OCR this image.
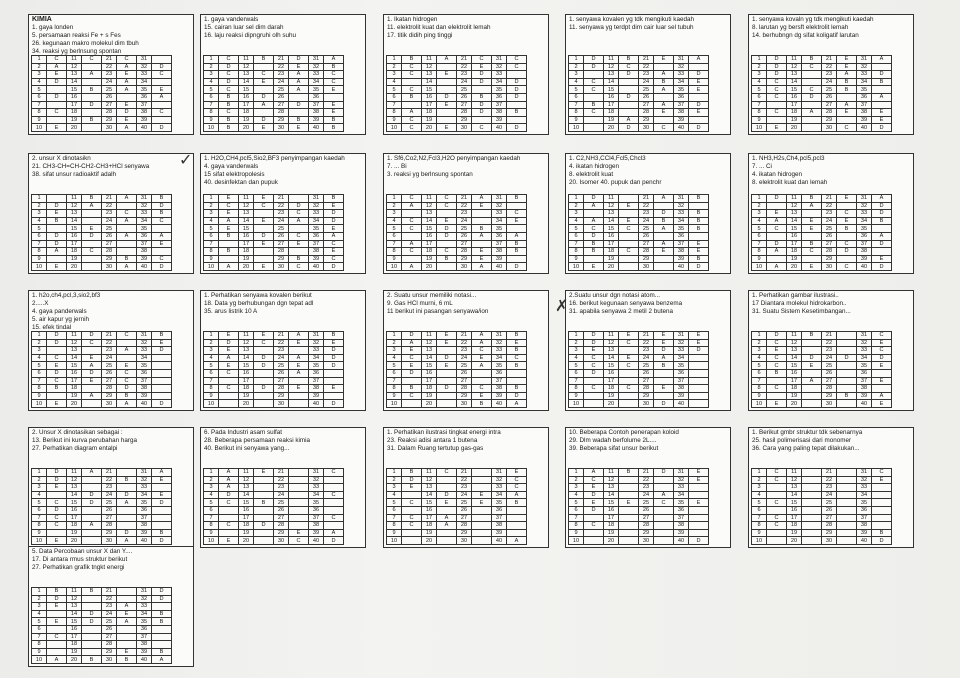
KIMIA
1. gaya londen
5. persamaan reaksi Fe + s Fes
26. kegunaan makro molekul dim tbuh
34. reaksi yg berlnsung spontan
1	C	11	C	21	C	31	
2	A	12		22	A	32	D
3	E	13	A	23	E	33	C
4	D	14		24	A	34	
5		15	B	25	A	35	E
6	D	16		26		36	A
7		17	D	27	E	37	
8	C	18		28	D	38	C
9		19	B	29	E	39	
10	E	20		30	A	40	D
1. gaya vanderwals
15. cairan luar sel dim darah
16. laju reaksi dipngruhi olh suhu
1	C	11	B	21	D	31	A
2	D	12		22	E	32	B
3	C	13	C	23	A	33	C
4	D	14	E	24	A	34	C
5	C	15		25	A	35	E
6	B	16	D	26		36	
7	B	17	A	27	D	37	E
8	C	18		28		38	E
9	B	19	D	29	B	39	B
10	B	20	E	30	E	40	B
1. Ikatan hidrogen
11. elektrolit kuat dan elektrolit lemah
17. titik didih ping tinggi
1	B	11	A	21	C	31	C
2	C	12		22	E	32	C
3	C	13	E	23	D	33	
4		14		24	D	34	D
5	C	15		25		35	D
6	B	16	D	26	B	36	D
7		17	E	27	D	37	
8	A	18		28	D	38	B
9	C	19		29		39	
10	C	20	E	30	C	40	D
1. senyawa kovalen yg tdk mengikuti kaedah
11. senyawa yg terdpt dim cair luar sel tubuh
1	D	11	B	21	E	31	A
2	D	12	C	22		32	
3		13	D	23	A	33	D
4	C	14		24	B	34	E
5	C	15		25	A	35	E
6		16	D	26		36	
7	B	17		27	A	37	D
8	C	18		28	E	38	E
9		19	A	29		39	
10		20	D	30	C	40	D
1. senyawa kovaln yg tdk mengikuti kaedah
8. larutan yg bersft elektrolit lemah
14. berhubngn dg sifat koligatif larutan
1	D	11	B	21	E	31	A
2	D	12	C	22	E	32	
3	D	13		23	A	33	D
4	C	14		24	B	34	B
5	C	15	C	25	B	35	
6	C	16	D	26		36	A
7		17		27	A	37	
8	C	18	A	28	E	38	E
9		19		29		39	E
10	E	20		30	C	40	D
2. unsur X dinotasikn
21. CH3-CH=CH-CH2-CH3+HCl senyawa
38. sifat unsur radioaktif adalh
1		11	B	21	A	31	B
2	D	12	A	22		32	D
3	E	13		23	C	33	B
4	B	14		24	A	34	C
5		15	E	25		35	
6	D	16	D	26	A	36	A
7	D	17		27		37	E
8	A	18	C	28		38	
9		19		29	B	39	C
10	E	20		30	A	40	D
1. H2O,CH4,pcl5,Sio2,BF3 penyimpangan kaedah
4. gaya vanderwals
15 sifat elektropolesis
40. desinfektan dan pupuk
1	E	11	E	21		31	B
2	C	12	C	22	D	32	E
3	E	13		23	C	33	D
4	A	14	E	24	A	34	D
5	E	15		25		35	E
6	B	16	D	26	C	36	A
7		17	E	27	E	37	C
8	B	18		28		38	E
9		19		29	B	39	C
10	A	20	E	30	C	40	D
1. Sf6,Co2,N2,Fcl3,H2O penyimpangan kaedah
7. ... Bi
3. reaksi yg berlnsung spontan
1	C	11	C	21	A	31	B
2	A	12	C	22	E	32	
3		13		23		33	C
4	C	14	E	24		34	E
5	C	15	D	25	B	35	
6		16	D	26	A	36	A
7	A	17		27		37	B
8	C	18	C	28	E	38	B
9		19	B	29	E	39	
10	A	20		30	A	40	D
1. C2,NH3,CCl4,Fcl5,Chcl3
4. ikatan hidrogen
8. elektrolit kuat
20. Isomer 40. pupuk dan penchr
1	D	11		21	A	31	B
2	A	12	E	22		32	
3		13		23	D	33	B
4	A	14	E	24	B	34	B
5	C	15	C	25	A	35	B
6	D	16		26		36	
7	B	17		27	A	37	E
8	B	18	C	28	E	38	E
9		19		29		39	B
10	E	20		30		40	D
1. NH3,H2s,Ch4,pcl5,pcl3
7. ... Ci
4. ikatan hidrogen
8. elektrolit kuat dan lemah
1	D	11	B	21	E	31	A
2		12	A	22		32	D
3	E	13		23	C	33	D
4	A	14	E	24	E	34	B
5	C	15	E	25	B	35	
6		16		26		36	A
7	D	17	B	27	C	37	D
8	A	18	C	28	D	38	
9		19		29		39	E
10	A	20	E	30	C	40	D
1. h2o,ch4,pcl,3,sio2,bf3
2.....X
4. gaya panderwals
5. air kapur yg jernih
15. efek tindal
1	D	11	D	21	C	31	B
2	D	12	C	22		32	E
3		13		23	A	33	D
4	C	14	E	24		34	
5	E	15	A	25	E	35	
6	D	16	D	26	C	36	
7	C	17	E	27	C	37	
8	B	18		28	D	38	
9		19	A	29	B	39	
10	E	20		30	A	40	D
1. Perhatikan senyawa kovalen berikut
18. Data yg berhubungan dgn tepat adl
35. arus listrik 10 A
1	E	11	E	21	A	31	B
2	D	12	C	22	E	32	E
3	E	13		23		33	D
4	A	14	D	24	A	34	D
5	E	15	D	25	E	35	D
6	C	16		26	A	36	
7		17		27		37	
8	C	18	D	28	E	38	E
9		19		29		39	
10		20		30		40	D
2. Suatu unsur memiliki notasi...
9. Gas HCl murni, 6 mL
11 berikut ini pasangan senyawa/ion
1	D	11	E	21	A	31	B
2	A	12	E	22	A	32	E
3	E	13		23	C	33	B
4	C	14	D	24	E	34	C
5	E	15	E	25	A	35	B
6	D	16		26		36	
7		17		27		37	
8	B	18	D	28	C	38	B
9	C	19		29	E	39	D
10		20		30	B	40	A
2.Suatu unsur dgn notasi atom...
16. berikut kegunaan senyawa benzema
31. apabila senyawa 2 metil 2 butena
1	D	11	E	21	E	31	E
2	D	12	C	22	E	32	E
3	E	13		23	D	33	D
4	C	14	E	24	A	34	
5	C	15	C	25	B	35	
6	D	16		26		36	
7		17		27		37	
8	C	18	C	28	E	38	
9		19		29		39	
10		20		30	D	40	
1. Perhatikan gambar ilustrasi..
17 Diantara molekul hidrokarbon..
31. Suatu Sistem Kesetimbangan...
1	D	11	B	21		31	C
2	C	12		22		32	E
3	E	13		23		33	C
4	C	14	D	24	D	34	D
5	C	15	E	25		35	E
6	B	16		26		36	
7		17	A	27		37	E
8	C	18		28		38	
9		19		29	B	39	A
10	E	20		30		40	E
2. Unsur X dinotasikan sebagai :
13. Berikut ini kurva perubahan harga
27. Perhatikan diagram entalpi
1	D	11	A	21		31	A
2	D	12		22	B	32	E
3	E	13		23		33	
4		14	D	24	D	34	E
5	C	15	D	25	A	35	D
6	D	16		26		36	
7	C	17		27		37	
8	C	18	A	28		38	
9		19		29	D	39	B
10	E	20		30	A	40	D
6. Pada Industri asam sulfat
28. Beberapa persamaan reaksi kimia
40. Berikut ini senyawa yang...
1	A	11	E	21		31	C
2	A	12		22		32	
3	A	13		23		33	
4	D	14		24		34	C
5	C	15	B	25		35	
6		16		26		36	
7		17		27		37	C
8	C	18	D	28		38	
9		19		29	E	39	A
10	E	20		30	C	40	D
1. Perhatikan ilustrasi tingkat energi intra
23. Reaksi adisi antara 1 butena
31. Dalam Ruang tertutup gas-gas
1	B	11	C	21		31	E
2	D	12		22		32	C
3	E	13		23		33	C
4		14	D	24	E	34	A
5	C	15	E	25	E	35	B
6		16		26		36	
7	C	17	A	27		37	
8	C	18	A	28		38	
9		19		29		39	
10		20		30		40	A
10. Beberapa Contoh penerapan koloid
29. Dlm wadah berfolume 2L....
39. Beberapa sifat unsur berikut
1	A	11	B	21	D	31	E
2	C	12		22		32	E
3	E	13		23		33	
4	D	14		24	A	34	
5	E	15	E	25	C	35	E
6	D	16		26		36	
7		17		27		37	
8	C	18		28		38	
9		19		29		39	
10		20		30		40	D
1. Berikut gmbr struktur tdk sebenarnya
25. hasil polimerisasi dari monomer
36. Cara yang paling tepat dilakukan...
1	C	11		21		31	C
2	C	12		22		32	E
3		13		23		33	
4		14		24		34	
5	C	15		25		35	
6		16		26		36	
7	C	17		27		37	
8	C	18		28		38	
9		19		29		39	B
10		20		30		40	D
5. Data Percobaan unsur X dan Y....
17. Di antara rmus struktur berikut
27. Perhatikan grafik tngkt energi
1	B	11	B	21		31	D
2	D	12		22		32	D
3	E	13		23	A	33	
4		14	D	24	E	34	B
5	E	15	D	25	A	35	B
6		16		26		36	
7	C	17		27		37	
8		18		28		38	
9		19		29	E	39	B
10	A	20	B	30	B	40	A
✓
✗
